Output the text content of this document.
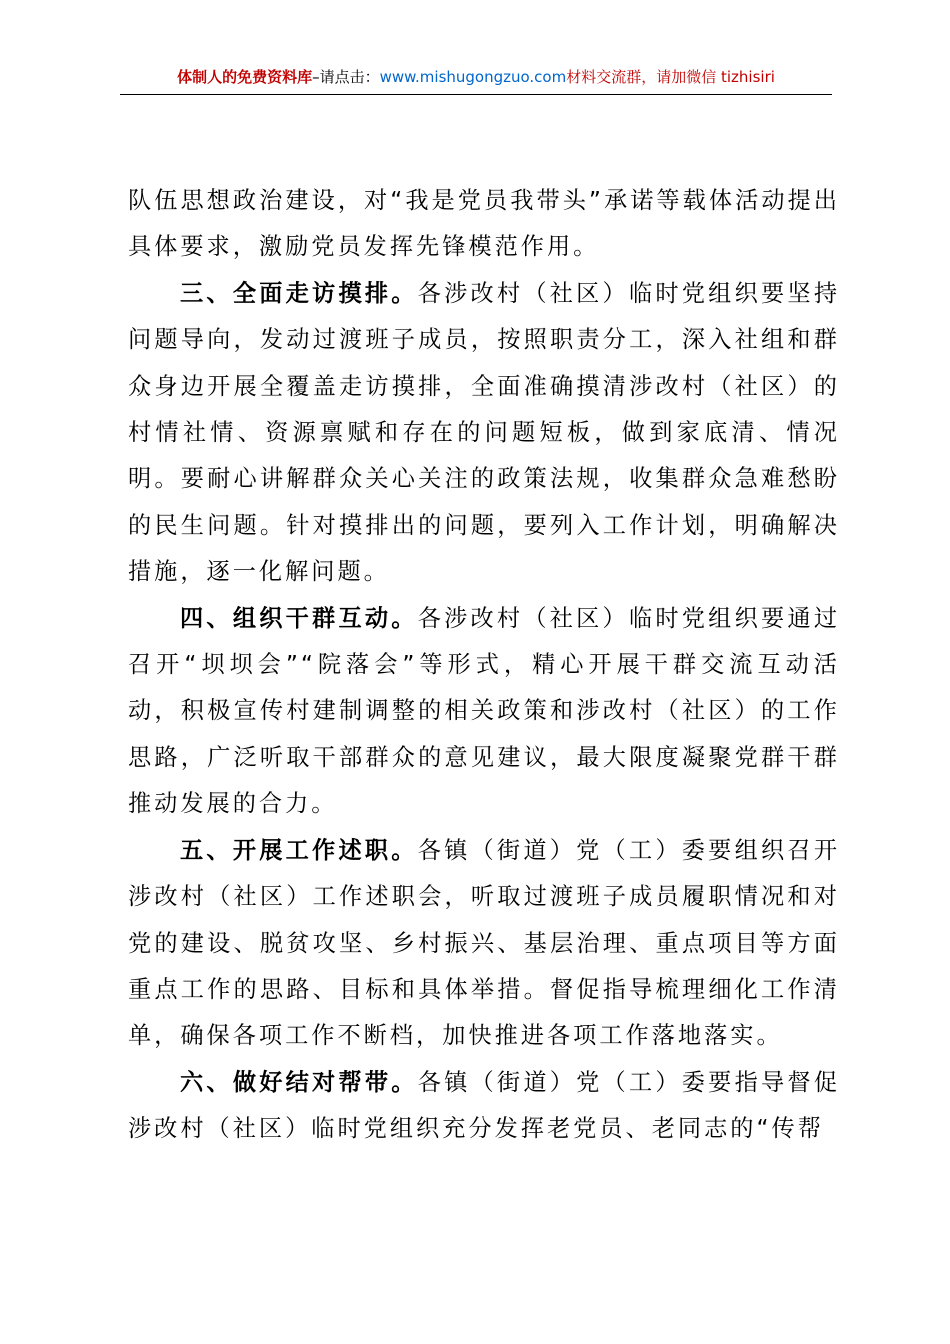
体制人的免费资料库–请点击：www.mishugongzuo.com材料交流群，请加微信 tizhisiri

队伍思想政治建设，对“我是党员我带头”承诺等载体活动提出具体要求，激励党员发挥先锋模范作用。

三、全面走访摸排。各涉改村（社区）临时党组织要坚持问题导向，发动过渡班子成员，按照职责分工，深入社组和群众身边开展全覆盖走访摸排，全面准确摸清涉改村（社区）的村情社情、资源禀赋和存在的问题短板，做到家底清、情况明。要耐心讲解群众关心关注的政策法规，收集群众急难愁盼的民生问题。针对摸排出的问题，要列入工作计划，明确解决措施，逐一化解问题。

四、组织干群互动。各涉改村（社区）临时党组织要通过召开“坝坝会”“院落会”等形式，精心开展干群交流互动活动，积极宣传村建制调整的相关政策和涉改村（社区）的工作思路，广泛听取干部群众的意见建议，最大限度凝聚党群干群推动发展的合力。

五、开展工作述职。各镇（街道）党（工）委要组织召开涉改村（社区）工作述职会，听取过渡班子成员履职情况和对党的建设、脱贫攻坚、乡村振兴、基层治理、重点项目等方面重点工作的思路、目标和具体举措。督促指导梳理细化工作清单，确保各项工作不断档，加快推进各项工作落地落实。

六、做好结对帮带。各镇（街道）党（工）委要指导督促涉改村（社区）临时党组织充分发挥老党员、老同志的“传帮
